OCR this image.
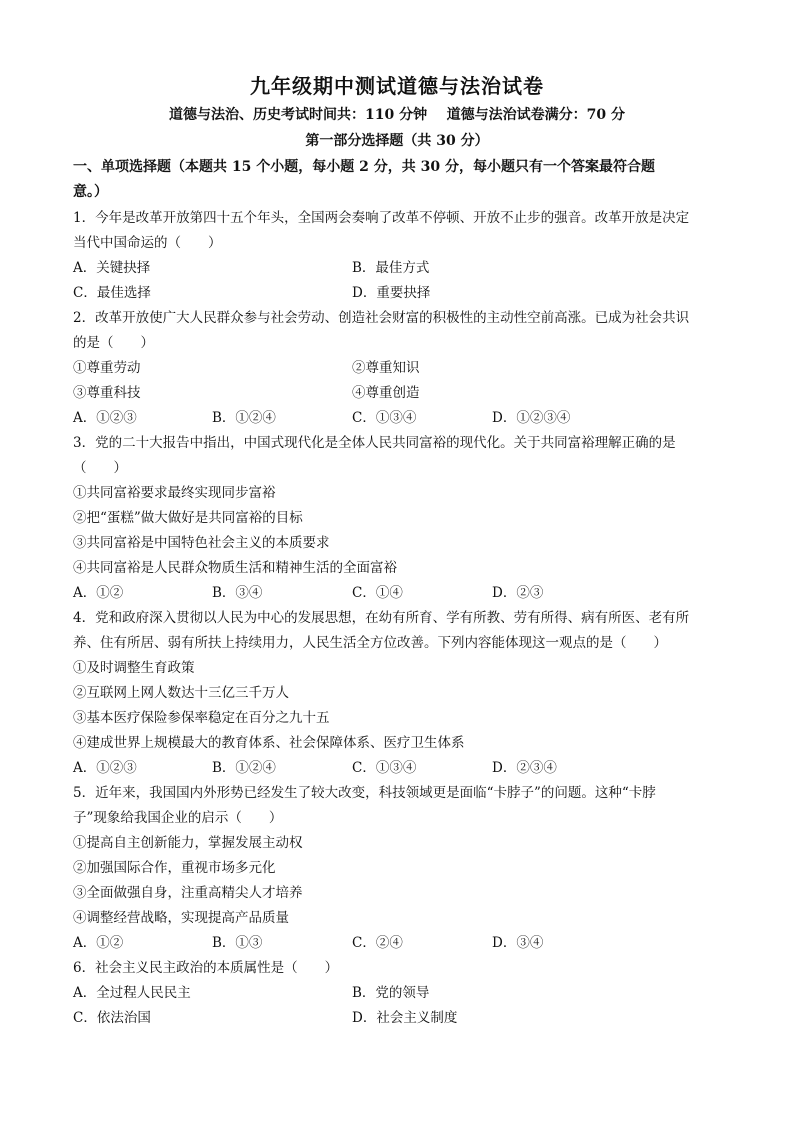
九年级期中测试道德与法治试卷
道德与法治、历史考试时间共：110 分钟    道德与法治试卷满分：70 分
第一部分选择题（共 30 分）
一、单项选择题（本题共 15 个小题，每小题 2 分，共 30 分，每小题只有一个答案最符合题
意。）
1．今年是改革开放第四十五个年头，全国两会奏响了改革不停顿、开放不止步的强音。改革开放是决定
当代中国命运的（　　）
A．关键抉择	B．最佳方式
C．最佳选择	D．重要抉择
2．改革开放使广大人民群众参与社会劳动、创造社会财富的积极性的主动性空前高涨。已成为社会共识
的是（　　）
①尊重劳动	②尊重知识
③尊重科技	④尊重创造
A．①②③	B．①②④	C．①③④	D．①②③④
3．党的二十大报告中指出，中国式现代化是全体人民共同富裕的现代化。关于共同富裕理解正确的是
（　　）
①共同富裕要求最终实现同步富裕
②把“蛋糕”做大做好是共同富裕的目标
③共同富裕是中国特色社会主义的本质要求
④共同富裕是人民群众物质生活和精神生活的全面富裕
A．①②	B．③④	C．①④	D．②③
4．党和政府深入贯彻以人民为中心的发展思想，在幼有所育、学有所教、劳有所得、病有所医、老有所
养、住有所居、弱有所扶上持续用力，人民生活全方位改善。下列内容能体现这一观点的是（　　）
①及时调整生育政策
②互联网上网人数达十三亿三千万人
③基本医疗保险参保率稳定在百分之九十五
④建成世界上规模最大的教育体系、社会保障体系、医疗卫生体系
A．①②③	B．①②④	C．①③④	D．②③④
5．近年来，我国国内外形势已经发生了较大改变，科技领域更是面临“卡脖子”的问题。这种“卡脖
子”现象给我国企业的启示（　　）
①提高自主创新能力，掌握发展主动权
②加强国际合作，重视市场多元化
③全面做强自身，注重高精尖人才培养
④调整经营战略，实现提高产品质量
A．①②	B．①③	C．②④	D．③④
6．社会主义民主政治的本质属性是（　　）
A．全过程人民民主	B．党的领导
C．依法治国	D．社会主义制度
